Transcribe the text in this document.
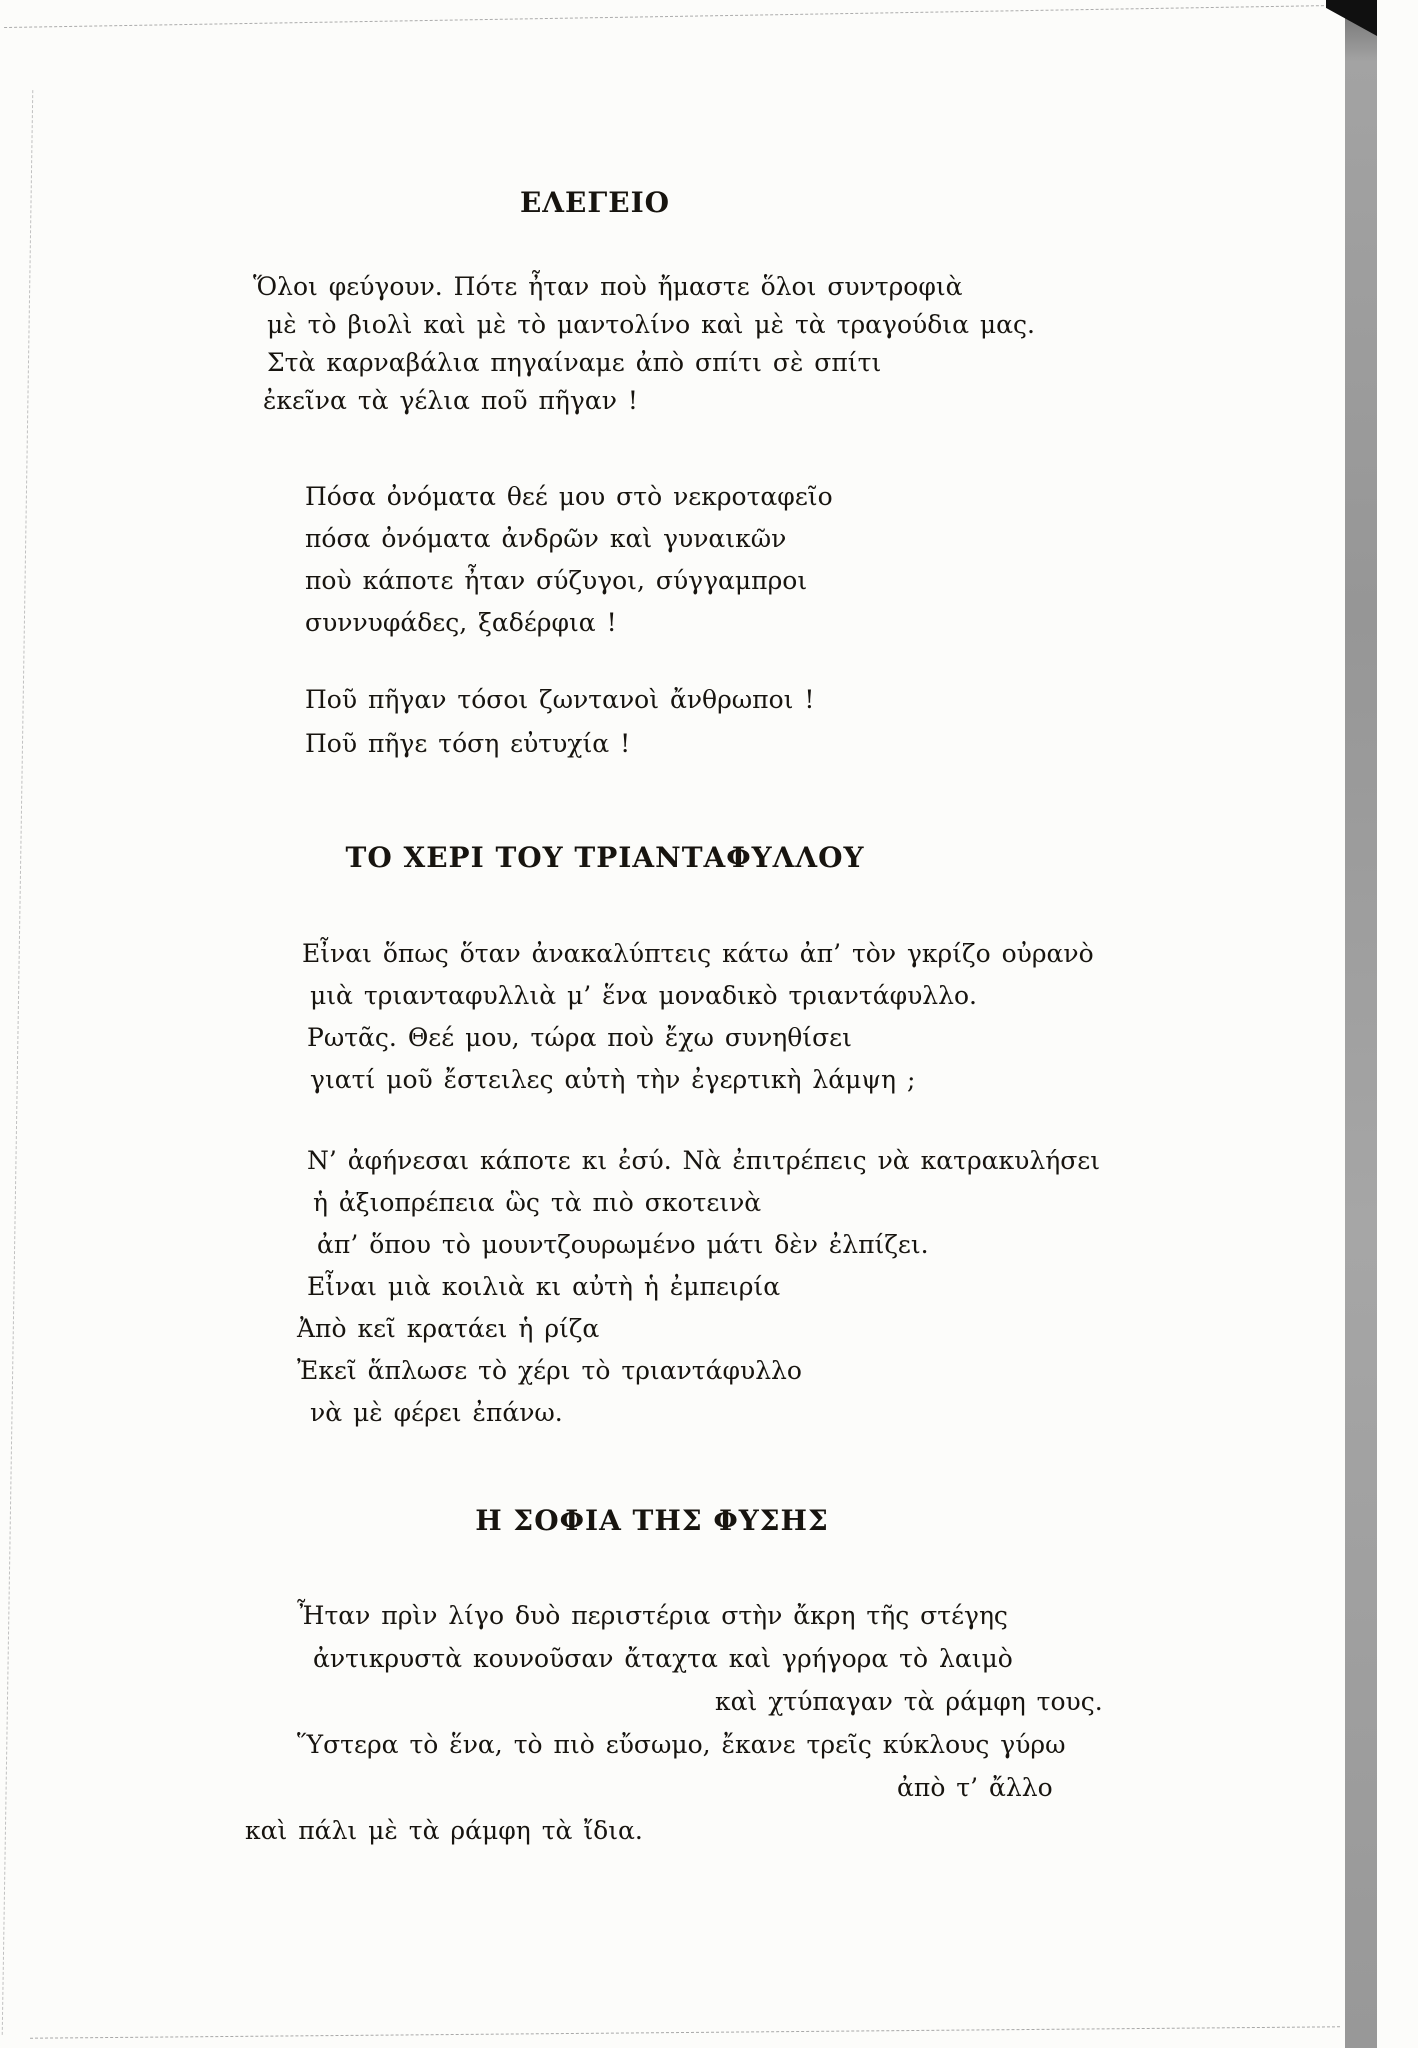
ΕΛΕΓΕΙΟ
Ὅλοι φεύγουν. Πότε ἦταν ποὺ ἤμαστε ὅλοι συντροφιὰ
μὲ τὸ βιολὶ καὶ μὲ τὸ μαντολίνο καὶ μὲ τὰ τραγούδια μας.
Στὰ καρναβάλια πηγαίναμε ἀπὸ σπίτι σὲ σπίτι
ἐκεῖνα τὰ γέλια ποῦ πῆγαν !
Πόσα ὀνόματα θεέ μου στὸ νεκροταφεῖο
πόσα ὀνόματα ἀνδρῶν καὶ γυναικῶν
ποὺ κάποτε ἦταν σύζυγοι, σύγγαμπροι
συννυφάδες, ξαδέρφια !
Ποῦ πῆγαν τόσοι ζωντανοὶ ἄνθρωποι !
Ποῦ πῆγε τόση εὐτυχία !
ΤΟ ΧΕΡΙ ΤΟΥ ΤΡΙΑΝΤΑΦΥΛΛΟΥ
Εἶναι ὅπως ὅταν ἀνακαλύπτεις κάτω ἀπ’ τὸν γκρίζο οὐρανὸ
μιὰ τριανταφυλλιὰ μ’ ἕνα μοναδικὸ τριαντάφυλλο.
Ρωτᾶς. Θεέ μου, τώρα ποὺ ἔχω συνηθίσει
γιατί μοῦ ἔστειλες αὐτὴ τὴν ἐγερτικὴ λάμψη ;
Ν’ ἀφήνεσαι κάποτε κι ἐσύ. Νὰ ἐπιτρέπεις νὰ κατρακυλήσει
ἡ ἀξιοπρέπεια ὣς τὰ πιὸ σκοτεινὰ
ἀπ’ ὅπου τὸ μουντζουρωμένο μάτι δὲν ἐλπίζει.
Εἶναι μιὰ κοιλιὰ κι αὐτὴ ἡ ἐμπειρία
Ἀπὸ κεῖ κρατάει ἡ ρίζα
Ἐκεῖ ἅπλωσε τὸ χέρι τὸ τριαντάφυλλο
νὰ μὲ φέρει ἐπάνω.
Η ΣΟΦΙΑ ΤΗΣ ΦΥΣΗΣ
Ἦταν πρὶν λίγο δυὸ περιστέρια στὴν ἄκρη τῆς στέγης
ἀντικρυστὰ κουνοῦσαν ἄταχτα καὶ γρήγορα τὸ λαιμὸ
καὶ χτύπαγαν τὰ ράμφη τους.
Ὕστερα τὸ ἕνα, τὸ πιὸ εὔσωμο, ἔκανε τρεῖς κύκλους γύρω
ἀπὸ τ’ ἄλλο
καὶ πάλι μὲ τὰ ράμφη τὰ ἴδια.
